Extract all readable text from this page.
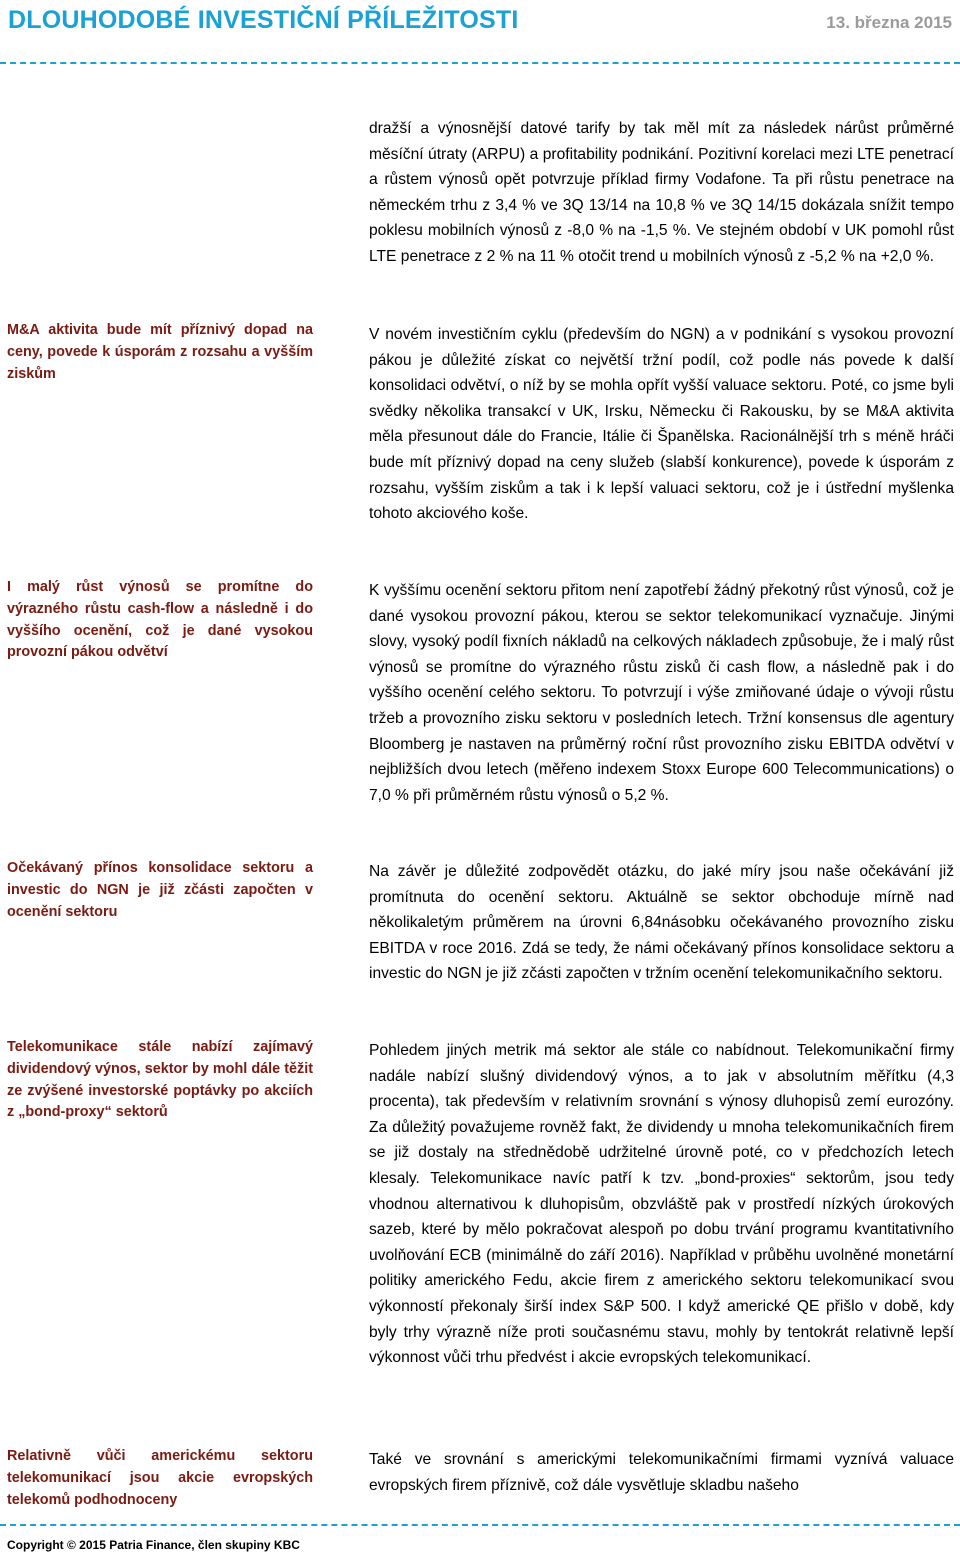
DLOUHODOBÉ INVESTIČNÍ PŘÍLEŽITOSTI	13. března 2015
M&A aktivita bude mít příznivý dopad na ceny, povede k úsporám z rozsahu a vyšším ziskům
I malý růst výnosů se promítne do výrazného růstu cash-flow a následně i do vyššího ocenění, což je dané vysokou provozní pákou odvětví
Očekávaný přínos konsolidace sektoru a investic do NGN je již zčásti započten v ocenění sektoru
Telekomunikace stále nabízí zajímavý dividendový výnos, sektor by mohl dále těžit ze zvýšené investorské poptávky po akciích z „bond-proxy“ sektorů
Relativně vůči americkému sektoru telekomunikací jsou akcie evropských telekomů podhodnoceny

dražší a výnosnější datové tarify by tak měl mít za následek nárůst průměrné měsíční útraty (ARPU) a profitability podnikání. Pozitivní korelaci mezi LTE penetrací a růstem výnosů opět potvrzuje příklad firmy Vodafone. Ta při růstu penetrace na německém trhu z 3,4 % ve 3Q 13/14 na 10,8 % ve 3Q 14/15 dokázala snížit tempo poklesu mobilních výnosů z -8,0 % na -1,5 %. Ve stejném období v UK pomohl růst LTE penetrace z 2 % na 11 % otočit trend u mobilních výnosů z -5,2 % na +2,0 %.

V novém investičním cyklu (především do NGN) a v podnikání s vysokou provozní pákou je důležité získat co největší tržní podíl, což podle nás povede k další konsolidaci odvětví, o níž by se mohla opřít vyšší valuace sektoru. Poté, co jsme byli svědky několika transakcí v UK, Irsku, Německu či Rakousku, by se M&A aktivita měla přesunout dále do Francie, Itálie či Španělska. Racionálnější trh s méně hráči bude mít příznivý dopad na ceny služeb (slabší konkurence), povede k úsporám z rozsahu, vyšším ziskům a tak i k lepší valuaci sektoru, což je i ústřední myšlenka tohoto akciového koše.

K vyššímu ocenění sektoru přitom není zapotřebí žádný překotný růst výnosů, což je dané vysokou provozní pákou, kterou se sektor telekomunikací vyznačuje. Jinými slovy, vysoký podíl fixních nákladů na celkových nákladech způsobuje, že i malý růst výnosů se promítne do výrazného růstu zisků či cash flow, a následně pak i do vyššího ocenění celého sektoru. To potvrzují i výše zmiňované údaje o vývoji růstu tržeb a provozního zisku sektoru v posledních letech. Tržní konsensus dle agentury Bloomberg je nastaven na průměrný roční růst provozního zisku EBITDA odvětví v nejbližších dvou letech (měřeno indexem Stoxx Europe 600 Telecommunications) o 7,0 % při průměrném růstu výnosů o 5,2 %.

Na závěr je důležité zodpovědět otázku, do jaké míry jsou naše očekávání již promítnuta do ocenění sektoru. Aktuálně se sektor obchoduje mírně nad několikaletým průměrem na úrovni 6,84násobku očekávaného provozního zisku EBITDA v roce 2016. Zdá se tedy, že námi očekávaný přínos konsolidace sektoru a investic do NGN je již zčásti započten v tržním ocenění telekomunikačního sektoru.

Pohledem jiných metrik má sektor ale stále co nabídnout. Telekomunikační firmy nadále nabízí slušný dividendový výnos, a to jak v absolutním měřítku (4,3 procenta), tak především v relativním srovnání s výnosy dluhopisů zemí eurozóny. Za důležitý považujeme rovněž fakt, že dividendy u mnoha telekomunikačních firem se již dostaly na střednědobě udržitelné úrovně poté, co v předchozích letech klesaly. Telekomunikace navíc patří k tzv. „bond-proxies“ sektorům, jsou tedy vhodnou alternativou k dluhopisům, obzvláště pak v prostředí nízkých úrokových sazeb, které by mělo pokračovat alespoň po dobu trvání programu kvantitativního uvolňování ECB (minimálně do září 2016). Například v průběhu uvolněné monetární politiky amerického Fedu, akcie firem z amerického sektoru telekomunikací svou výkonností překonaly širší index S&P 500. I když americké QE přišlo v době, kdy byly trhy výrazně níže proti současnému stavu, mohly by tentokrát relativně lepší výkonnost vůči trhu předvést i akcie evropských telekomunikací.

Také ve srovnání s americkými telekomunikačními firmami vyznívá valuace evropských firem příznivě, což dále vysvětluje skladbu našeho

Copyright © 2015 Patria Finance, člen skupiny KBC
